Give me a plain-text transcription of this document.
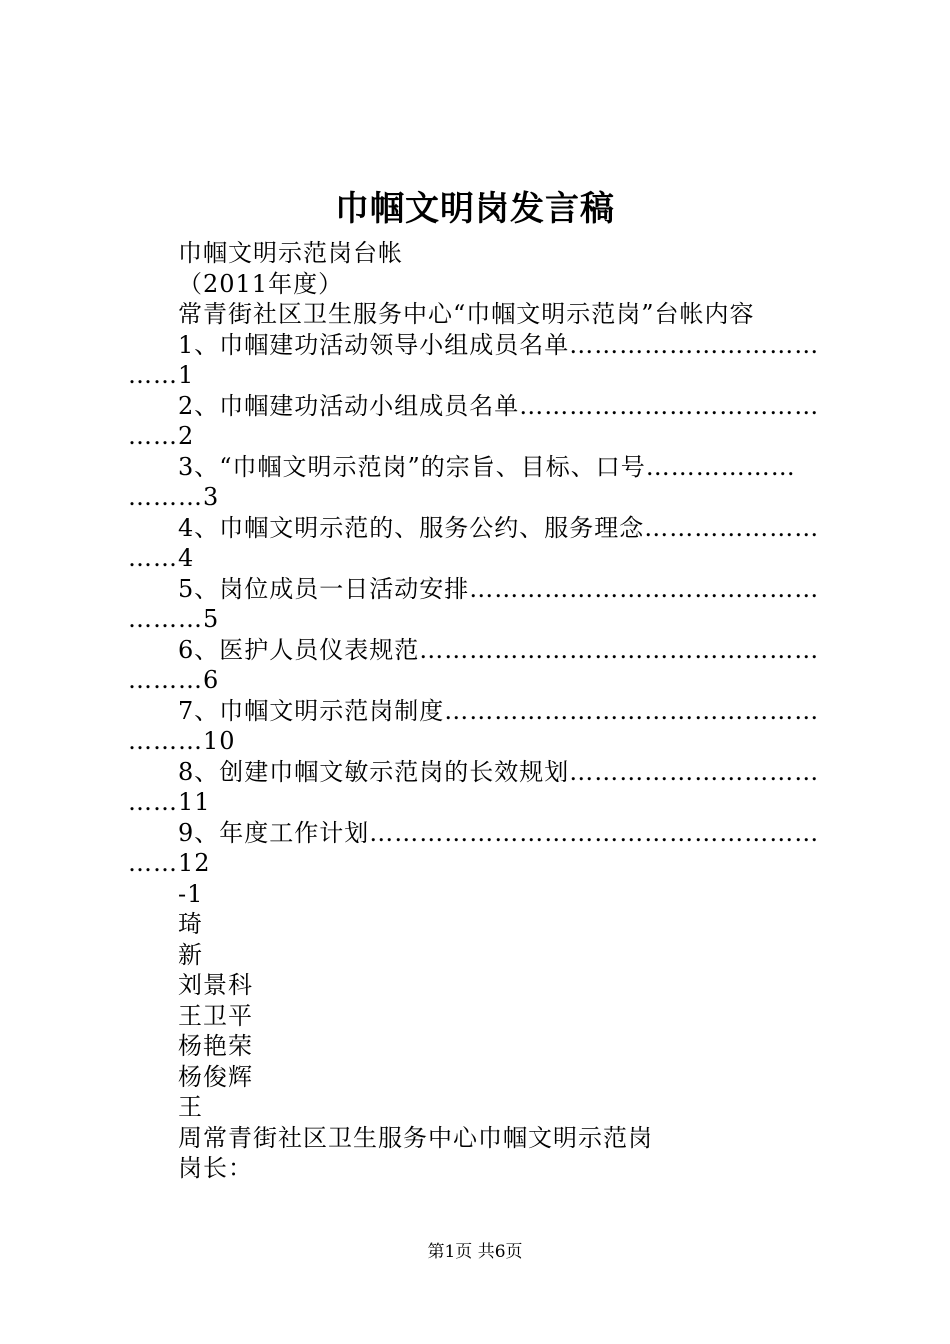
巾帼文明岗发言稿
巾帼文明示范岗台帐
（2011年度）
常青街社区卫生服务中心“巾帼文明示范岗”台帐内容
1、巾帼建功活动领导小组成员名单…………………………
……1
2、巾帼建功活动小组成员名单………………………………
……2
3、“巾帼文明示范岗”的宗旨、目标、口号………………
………3
4、巾帼文明示范的、服务公约、服务理念…………………
……4
5、岗位成员一日活动安排……………………………………
………5
6、医护人员仪表规范…………………………………………
………6
7、巾帼文明示范岗制度………………………………………
………10
8、创建巾帼文敏示范岗的长效规划…………………………
……11
9、年度工作计划………………………………………………
……12
-1
琦
新
刘景科
王卫平
杨艳荣
杨俊辉
王
周常青街社区卫生服务中心巾帼文明示范岗
岗长：
第1页 共6页
